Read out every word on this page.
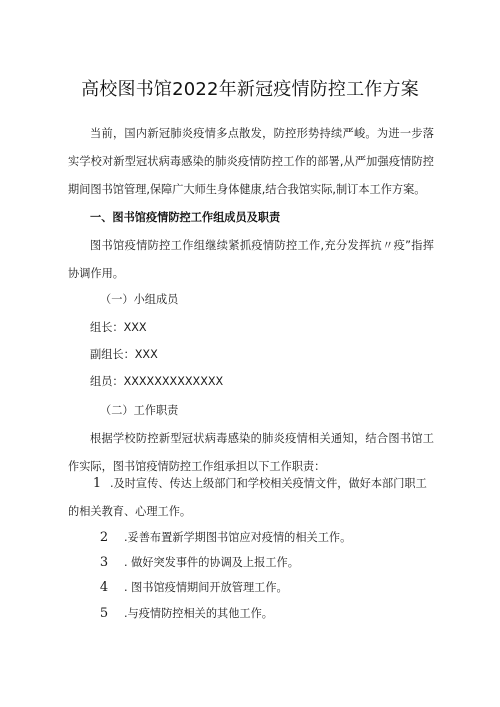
高校图书馆2022年新冠疫情防控工作方案
当前，国内新冠肺炎疫情多点散发，防控形势持续严峻。为进一步落实学校对新型冠状病毒感染的肺炎疫情防控工作的部署,从严加强疫情防控期间图书馆管理,保障广大师生身体健康,结合我馆实际,制订本工作方案。
一、图书馆疫情防控工作组成员及职责
图书馆疫情防控工作组继续紧抓疫情防控工作,充分发挥抗〃疫”指挥协调作用。
（一）小组成员
组长：XXX
副组长：XXX
组员：XXXXXXXXXXXXX
（二）工作职责
根据学校防控新型冠状病毒感染的肺炎疫情相关通知，结合图书馆工作实际，图书馆疫情防控工作组承担以下工作职责：
1 .及时宣传、传达上级部门和学校相关疫情文件，做好本部门职工的相关教育、心理工作。
2 .妥善布置新学期图书馆应对疫情的相关工作。
3 . 做好突发事件的协调及上报工作。
4 . 图书馆疫情期间开放管理工作。
5 .与疫情防控相关的其他工作。
